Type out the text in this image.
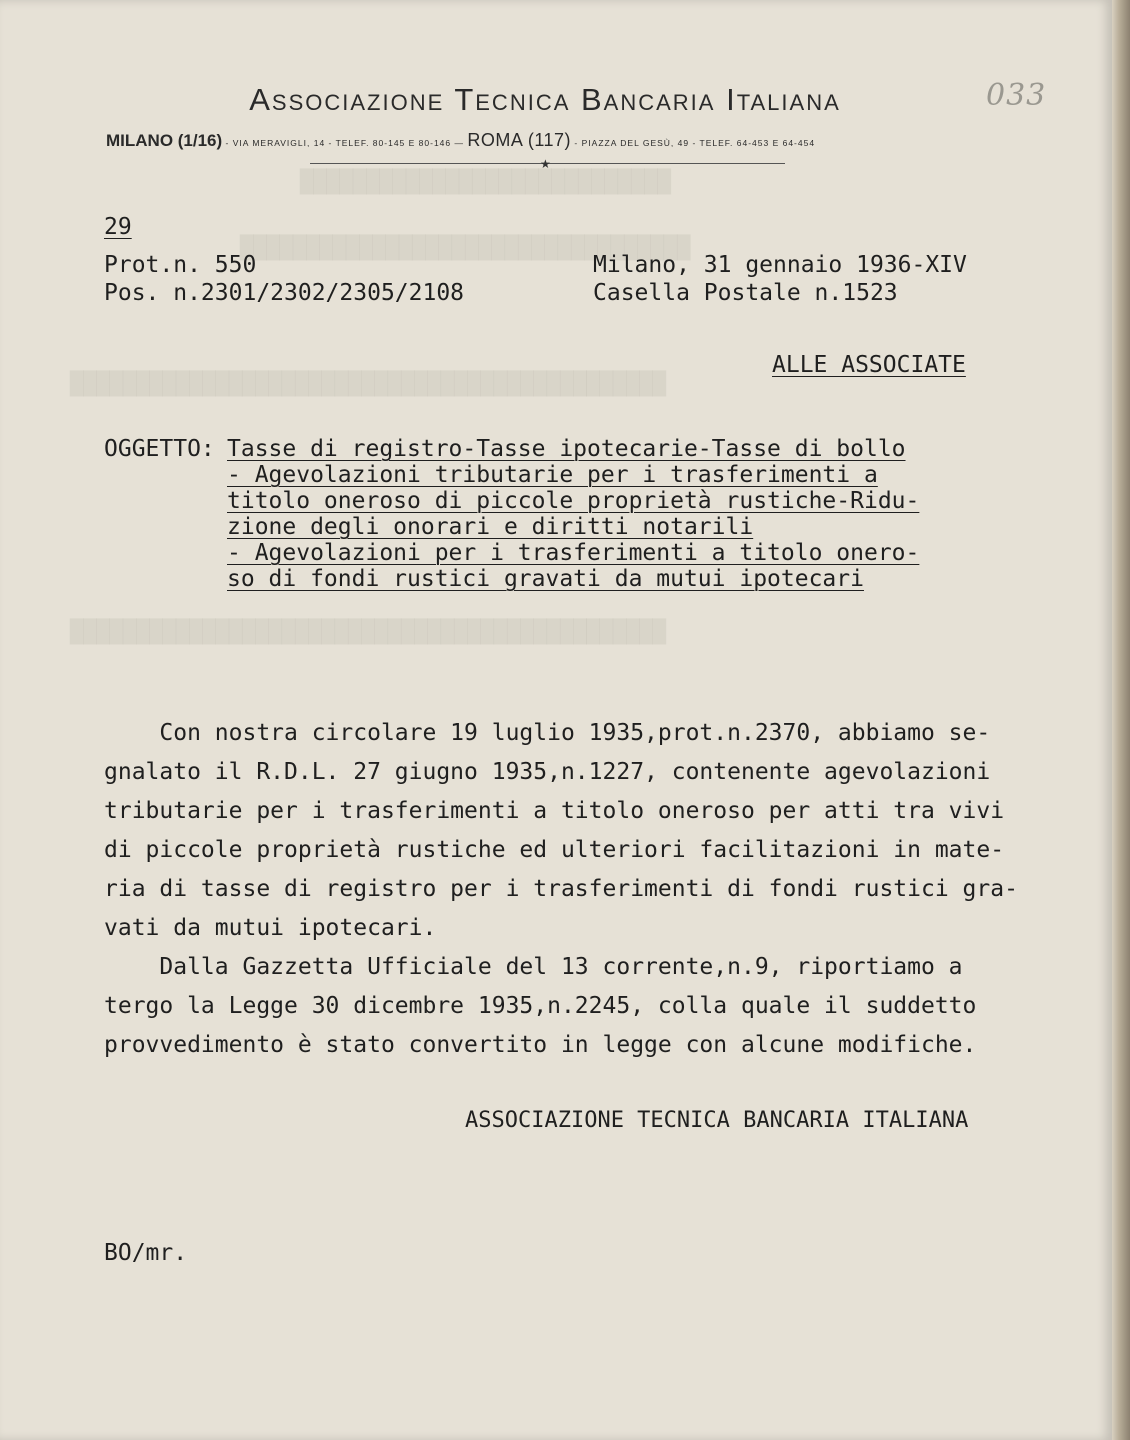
████████████████████████████
██████████████████████████████████
█████████████████████████████████████████████
█████████████████████████████████████████████
Associazione Tecnica Bancaria Italiana
MILANO (1/16) - VIA MERAVIGLI, 14 - TELEF. 80-145 E 80-146 — ROMA (117) - PIAZZA DEL GESÙ, 49 - TELEF. 64-453 E 64-454
★
033
29
Prot.n. 550
Pos. n.2301/2302/2305/2108
Milano, 31 gennaio 1936-XIV
Casella Postale n.1523
ALLE ASSOCIATE
OGGETTO: Tasse di registro-Tasse ipotecarie-Tasse di bollo
- Agevolazioni tributarie per i trasferimenti a
titolo oneroso di piccole proprietà rustiche-Ridu-
zione degli onorari e diritti notarili
- Agevolazioni per i trasferimenti a titolo onero-
so di fondi rustici gravati da mutui ipotecari
Con nostra circolare 19 luglio 1935,prot.n.2370, abbiamo se-
gnalato il R.D.L. 27 giugno 1935,n.1227, contenente agevolazioni
tributarie per i trasferimenti a titolo oneroso per atti tra vivi
di piccole proprietà rustiche ed ulteriori facilitazioni in mate-
ria di tasse di registro per i trasferimenti di fondi rustici gra-
vati da mutui ipotecari.
Dalla Gazzetta Ufficiale del 13 corrente,n.9, riportiamo a
tergo la Legge 30 dicembre 1935,n.2245, colla quale il suddetto
provvedimento è stato convertito in legge con alcune modifiche.
ASSOCIAZIONE TECNICA BANCARIA ITALIANA
BO/mr.
